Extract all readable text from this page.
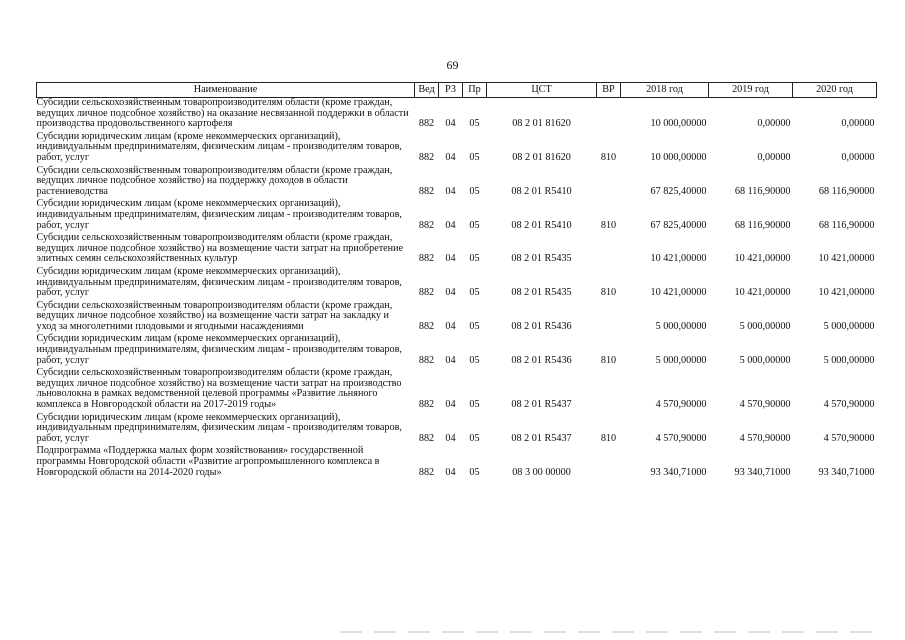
69
Наименование	Вед	РЗ	Пр	ЦСТ	ВР	2018 год	2019 год	2020 год

Субсидии сельскохозяйственным товаропроизводителям области (кроме граждан, ведущих личное подсобное хозяйство) на оказание несвязанной поддержки в области производства продовольственного картофеля	882	04	05	08 2 01 81620		10 000,00000	0,00000	0,00000

Субсидии юридическим лицам (кроме некоммерческих организаций), индивидуальным предпринимателям, физическим лицам - производителям товаров, работ, услуг	882	04	05	08 2 01 81620	810	10 000,00000	0,00000	0,00000

Субсидии сельскохозяйственным товаропроизводителям области (кроме граждан, ведущих личное подсобное хозяйство) на поддержку доходов в области растениеводства	882	04	05	08 2 01 R5410		67 825,40000	68 116,90000	68 116,90000

Субсидии юридическим лицам (кроме некоммерческих организаций), индивидуальным предпринимателям, физическим лицам - производителям товаров, работ, услуг	882	04	05	08 2 01 R5410	810	67 825,40000	68 116,90000	68 116,90000

Субсидии сельскохозяйственным товаропроизводителям области (кроме граждан, ведущих личное подсобное хозяйство) на возмещение части затрат на приобретение элитных семян сельскохозяйственных культур	882	04	05	08 2 01 R5435		10 421,00000	10 421,00000	10 421,00000

Субсидии юридическим лицам (кроме некоммерческих организаций), индивидуальным предпринимателям, физическим лицам - производителям товаров, работ, услуг	882	04	05	08 2 01 R5435	810	10 421,00000	10 421,00000	10 421,00000

Субсидии сельскохозяйственным товаропроизводителям области (кроме граждан, ведущих личное подсобное хозяйство) на возмещение части затрат на закладку и уход за многолетними плодовыми и ягодными насаждениями	882	04	05	08 2 01 R5436		5 000,00000	5 000,00000	5 000,00000

Субсидии юридическим лицам (кроме некоммерческих организаций), индивидуальным предпринимателям, физическим лицам - производителям товаров, работ, услуг	882	04	05	08 2 01 R5436	810	5 000,00000	5 000,00000	5 000,00000

Субсидии сельскохозяйственным товаропроизводителям области (кроме граждан, ведущих личное подсобное хозяйство) на возмещение части затрат на производство льноволокна в рамках ведомственной целевой программы «Развитие льняного комплекса в Новгородской области на 2017-2019 годы»	882	04	05	08 2 01 R5437		4 570,90000	4 570,90000	4 570,90000

Субсидии юридическим лицам (кроме некоммерческих организаций), индивидуальным предпринимателям, физическим лицам - производителям товаров, работ, услуг	882	04	05	08 2 01 R5437	810	4 570,90000	4 570,90000	4 570,90000

Подпрограмма «Поддержка малых форм хозяйствования» государственной программы Новгородской области «Развитие агропромышленного комплекса в Новгородской области на 2014-2020 годы»	882	04	05	08 3 00 00000		93 340,71000	93 340,71000	93 340,71000
